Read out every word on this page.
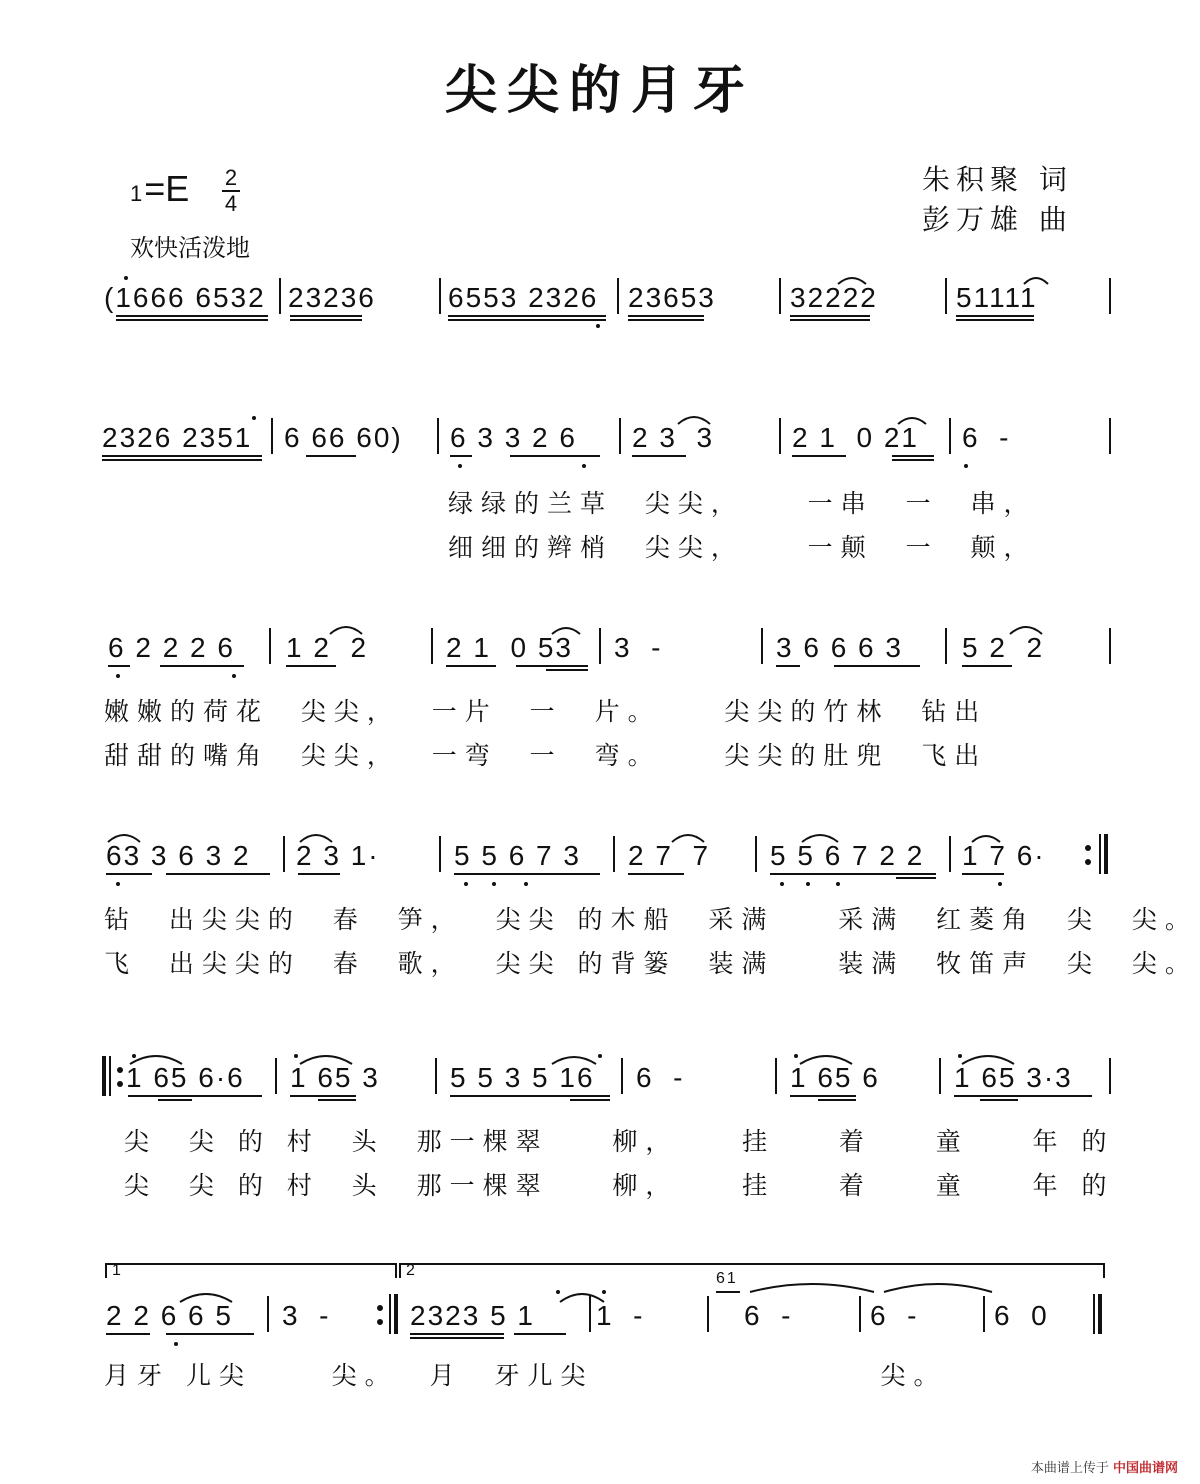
尖尖的月牙
1=E 2
4
欢快活泼地
朱积聚 词
彭万雄 曲
(1666 6532 23236	6553 2326 23653	32222	51111
2326 2351 6 66 60) 6 3 3 2 6 2 3  3	2 1  0 21 6  -
绿绿的兰草  尖尖，    一串  一  串，
细细的辫梢  尖尖，    一颠  一  颠，
6 2 2 2 6 1 2  2	2 1  0 53 3  -	3 6 6 6 3 5 2  2
嫩嫩的荷花  尖尖，  一片  一  片。    尖尖的竹林  钻出
甜甜的嘴角  尖尖，  一弯  一  弯。    尖尖的肚兜  飞出
63 3 6 3 2 2 3 1·	5 5 6 7 3 2 7  7 5 5 6 7 2 2 1 7 6·
钻  出尖尖的  春  笋，  尖尖 的木船  采满    采满  红菱角  尖  尖。
飞  出尖尖的  春  歌，  尖尖 的背篓  装满    装满  牧笛声  尖  尖。
1 65 6·6 1 65 3	5 5 3 5 16 6  -	1 65 6	1 65 3·3
尖  尖 的 村  头  那一棵翠    柳，    挂    着    童    年 的
尖  尖 的 村  头  那一棵翠    柳，    挂    着    童    年 的
1	2	61
2 2 6 6 5 3  -	2323 5 1 1  -	6  -	6  -	6  0
月牙 儿尖     尖。  月  牙儿尖                  尖。
本曲谱上传于 中国曲谱网
